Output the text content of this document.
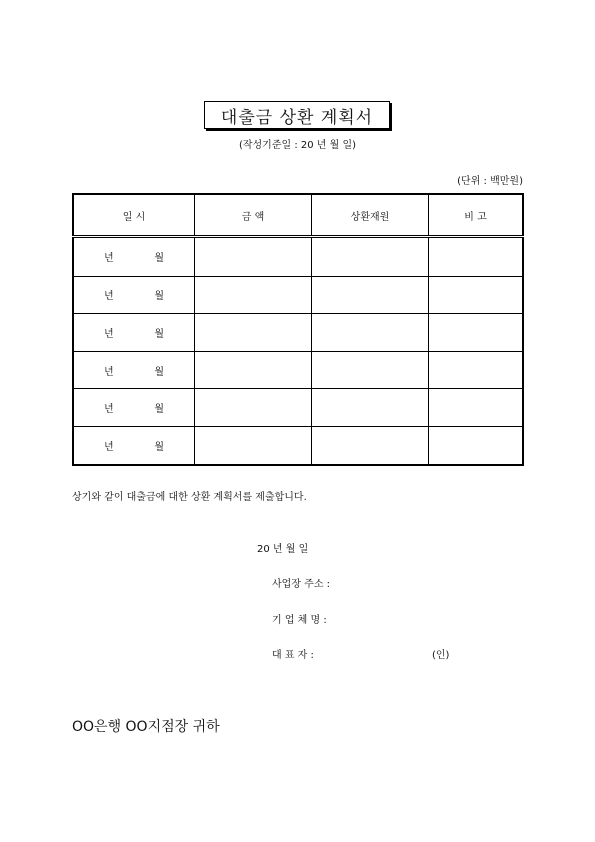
대출금 상환 계획서
(작성기준일 : 20 년 월 일)
(단위 : 백만원)
일 시	금 액	상환재원	비 고
년 월			

년 월			

년 월			

년 월			

년 월			

년 월			

상기와 같이 대출금에 대한 상환 계획서를 제출합니다.
20 년 월 일
사업장 주소 :
기 업 체 명 :
대 표 자 :	(인)
OO은행 OO지점장 귀하
